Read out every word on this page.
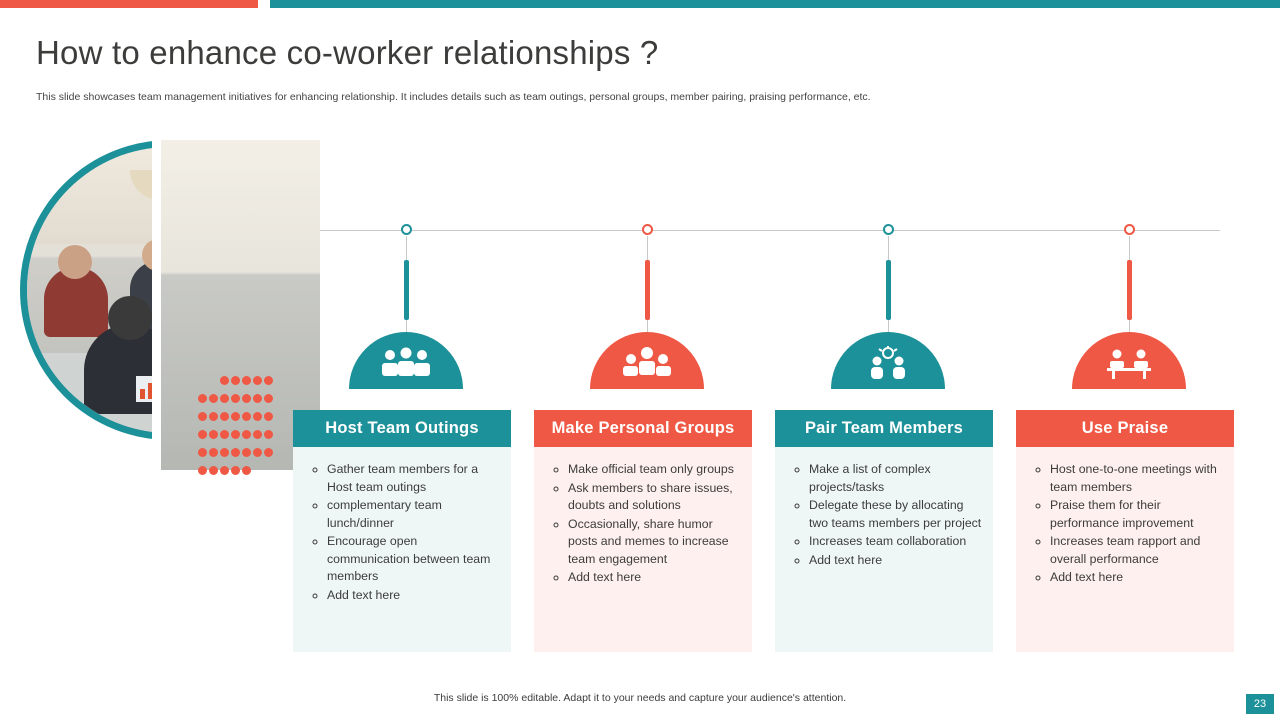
How to enhance co-worker relationships ?
This slide showcases team management initiatives for enhancing relationship. It includes details such as team outings, personal groups, member pairing, praising performance, etc.
Host Team Outings
◦ Gather team members for a Host team outings
◦ complementary team lunch/dinner
◦ Encourage open communication between team members
◦ Add text here
Make Personal Groups
◦ Make official team only groups
◦ Ask members to share issues, doubts and solutions
◦ Occasionally, share humor posts and memes to increase team engagement
◦ Add text here
Pair Team Members
◦ Make a list of complex projects/tasks
◦ Delegate these by allocating two teams members per project
◦ Increases team collaboration
◦ Add text here
Use Praise
◦ Host one-to-one meetings with team members
◦ Praise them for their performance improvement
◦ Increases team rapport and overall performance
◦ Add text here
This slide is 100% editable. Adapt it to your needs and capture your audience's attention.	23
